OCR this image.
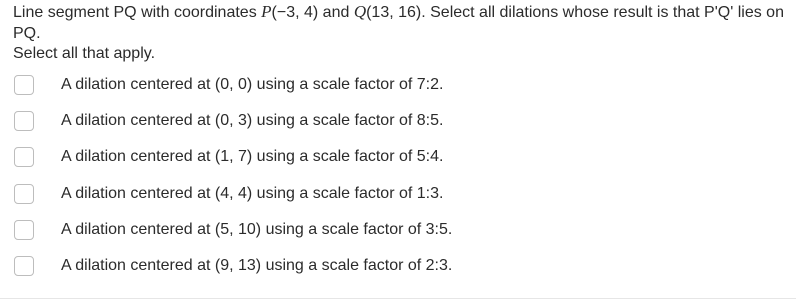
Line segment PQ with coordinates P(−3, 4) and Q(13, 16). Select all dilations whose result is that P'Q' lies on PQ.
Select all that apply.
A dilation centered at (0, 0) using a scale factor of 7:2.
A dilation centered at (0, 3) using a scale factor of 8:5.
A dilation centered at (1, 7) using a scale factor of 5:4.
A dilation centered at (4, 4) using a scale factor of 1:3.
A dilation centered at (5, 10) using a scale factor of 3:5.
A dilation centered at (9, 13) using a scale factor of 2:3.
